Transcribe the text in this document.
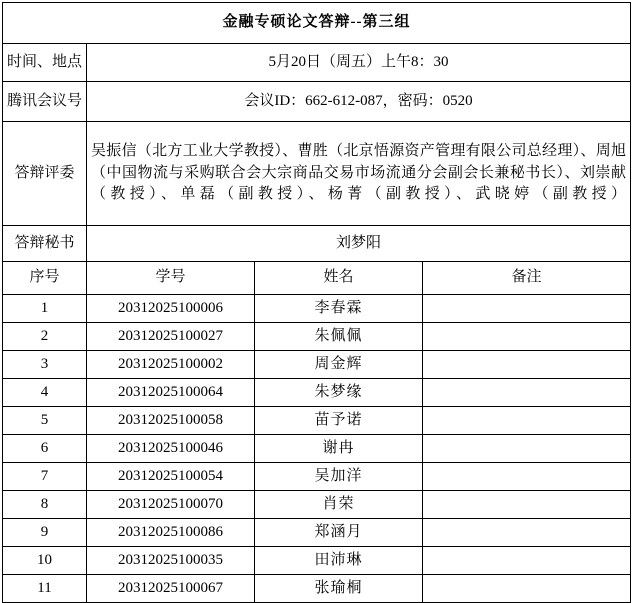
金融专硕论文答辩--第三组			
时间、地点	5月20日（周五）上午8：30		
腾讯会议号	会议ID：662-612-087，密码：0520		
答辩评委	吴振信（北方工业大学教授）、曹胜（北京悟源资产管理有限公司总经理）、周旭（中国物流与采购联合会大宗商品交易市场流通分会副会长兼秘书长）、刘崇献（教授）、单磊（副教授）、杨菁（副教授）、武晓婷（副教授）		
答辩秘书	刘梦阳		
序号	学号	姓名	备注
1	20312025100006	李春霖	
2	20312025100027	朱佩佩	
3	20312025100002	周金辉	
4	20312025100064	朱梦缘	
5	20312025100058	苗予诺	
6	20312025100046	谢冉	
7	20312025100054	吴加洋	
8	20312025100070	肖荣	
9	20312025100086	郑涵月	
10	20312025100035	田沛琳	
11	20312025100067	张瑜桐	
